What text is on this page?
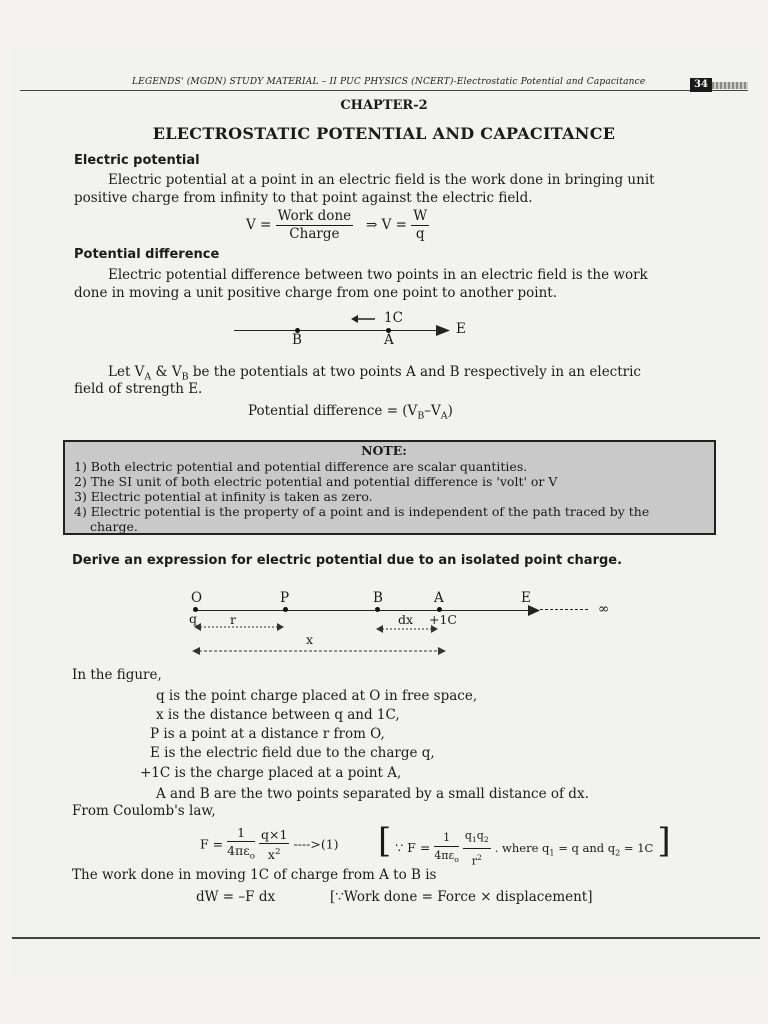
LEGENDS' (MGDN) STUDY MATERIAL – II PUC PHYSICS (NCERT)-Electrostatic Potential and Capacitance	34
CHAPTER-2
ELECTROSTATIC POTENTIAL AND CAPACITANCE
Electric potential
Electric potential at a point in an electric field is the work done in bringing unit
positive charge from infinity to that point against the electric field.
$V = \frac{\text{Work done}}{\text{Charge}}$ ⇒ $V = \frac{W}{q}$
Potential difference
Electric potential difference between two points in an electric field is the work
done in moving a unit positive charge from one point to another point.
E
1C
B	A
Let $V_A$ & $V_B$ be the potentials at two points A and B respectively in an electric
field of strength E.
Potential difference = $(V_B-V_A)$
NOTE:
1) Both electric potential and potential difference are scalar quantities.
2) The SI unit of both electric potential and potential difference is 'volt' or V
3) Electric potential at infinity is taken as zero.
4) Electric potential is the property of a point and is independent of the path traced by the
charge.
Derive an expression for electric potential due to an isolated point charge.
∞
O	P	B	A	E
q	dx +1C
r
x
In the figure,
q is the point charge placed at O in free space,
x is the distance between q and 1C,
P is a point at a distance r from O,
E is the electric field due to the charge q,
+1C is the charge placed at a point A,
A and B are the two points separated by a small distance of dx.
From Coulomb's law,
$F = \frac{1}{4\pi\varepsilon_o}$
$\frac{q\times 1}{x^2} ---->(1)$ [ ∵ $F = \frac{1}{4\pi\varepsilon_o}$
$\frac{q_1q_2}{r^2}$ . where $q_1 = q$ and $q_2 = 1C$ ]
The work done in moving 1C of charge from A to B is
dW = –F dx	[∵Work done = Force × displacement]
